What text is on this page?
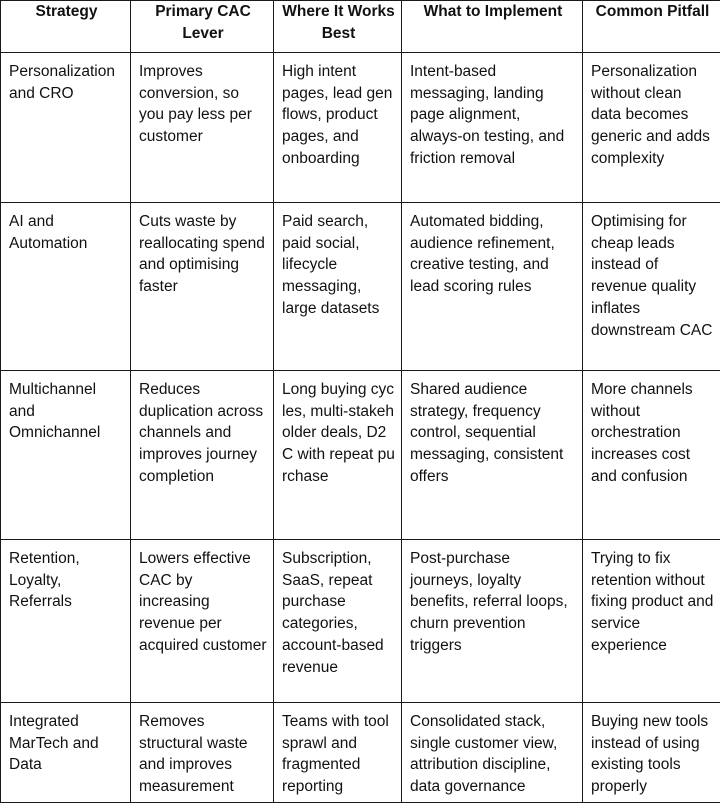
Strategy	Primary CAC Lever	Where It Works Best	What to Implement	Common Pitfall
Personalization and CRO	Improves conversion, so you pay less per customer	High intent pages, lead gen flows, product pages, and onboarding	Intent-based messaging, landing page alignment, always-on testing, and friction removal	Personalization without clean data becomes generic and adds complexity
AI and Automation	Cuts waste by reallocating spend and optimising faster	Paid search, paid social, lifecycle messaging, large datasets	Automated bidding, audience refinement, creative testing, and lead scoring rules	Optimising for cheap leads instead of revenue quality inflates downstream CAC
Multichannel and Omnichannel	Reduces duplication across channels and improves journey completion	Long buying cycles, multi-stakeholder deals, D2C with repeat purchase	Shared audience strategy, frequency control, sequential messaging, consistent offers	More channels without orchestration increases cost and confusion
Retention, Loyalty, Referrals	Lowers effective CAC by increasing revenue per acquired customer	Subscription, SaaS, repeat purchase categories, account-based revenue	Post-purchase journeys, loyalty benefits, referral loops, churn prevention triggers	Trying to fix retention without fixing product and service experience
Integrated MarTech and Data	Removes structural waste and improves measurement	Teams with tool sprawl and fragmented reporting	Consolidated stack, single customer view, attribution discipline, data governance	Buying new tools instead of using existing tools properly
